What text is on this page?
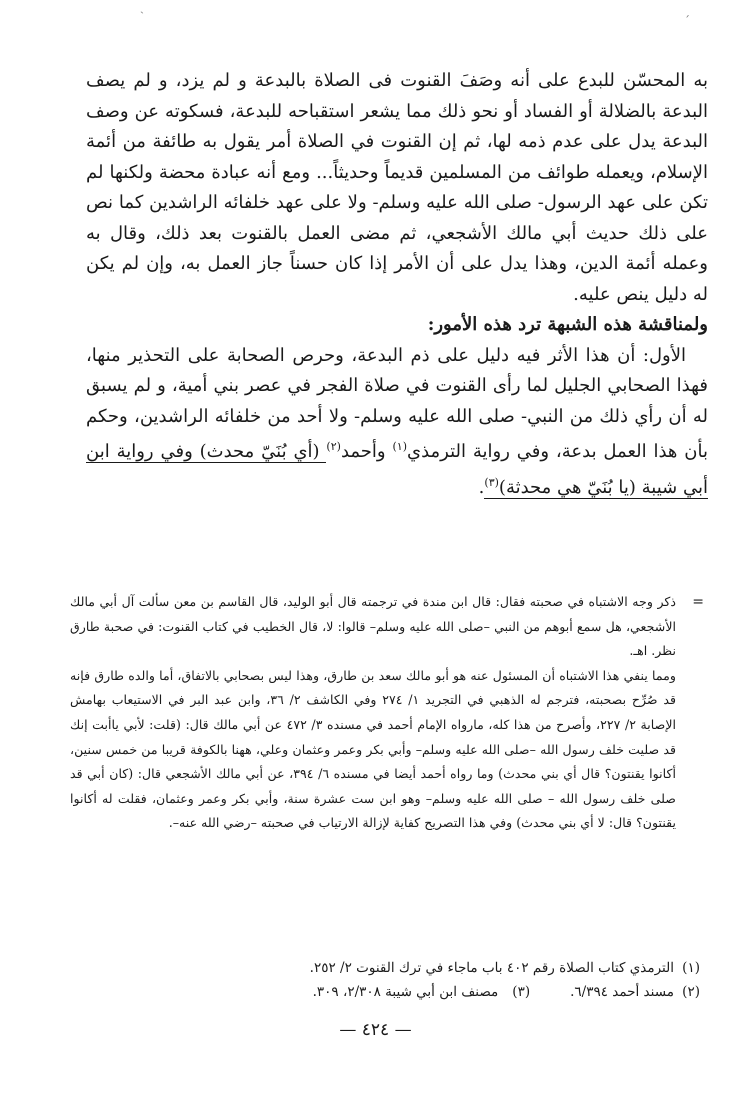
ˏ
ˊ

به المحسّن للبدع على أنه وصَفَ القنوت فى الصلاة بالبدعة و لم يزد، و لم يصف البدعة بالضلالة أو الفساد أو نحو ذلك مما يشعر استقباحه للبدعة، فسكوته عن وصف البدعة يدل على عدم ذمه لها، ثم إن القنوت في الصلاة أمر يقول به طائفة من أئمة الإسلام، ويعمله طوائف من المسلمين قديماً وحديثاً... ومع أنه عبادة محضة ولكنها لم تكن على عهد الرسول- صلى الله عليه وسلم- ولا على عهد خلفائه الراشدين كما نص على ذلك حديث أبي مالك الأشجعي، ثم مضى العمل بالقنوت بعد ذلك، وقال به وعمله أئمة الدين، وهذا يدل على أن الأمر إذا كان حسناً جاز العمل به، وإن لم يكن له دليل ينص عليه.

ولمناقشة هذه الشبهة ترد هذه الأمور:

الأول: أن هذا الأثر فيه دليل على ذم البدعة، وحرص الصحابة على التحذير منها، فهذا الصحابي الجليل لما رأى القنوت في صلاة الفجر في عصر بني أمية، و لم يسبق له أن رأي ذلك من النبي- صلى الله عليه وسلم- ولا أحد من خلفائه الراشدين، وحكم بأن هذا العمل بدعة، وفي رواية الترمذي$^{(١)}$ وأحمد$^{(٢)}$ (أي بُنَيّ محدث) وفي رواية ابن أبي شيبة (يا بُنَيّ هي محدثة)$^{(٣)}$.

=

ذكر وجه الاشتباه في صحبته فقال: قال ابن مندة في ترجمته قال أبو الوليد، قال القاسم بن معن سألت آل أبي مالك الأشجعي، هل سمع أبوهم من النبي –صلى الله عليه وسلم– قالوا: لا، قال الخطيب في كتاب القنوت: في صحبة طارق نظر. اهـ.

ومما ينفي هذا الاشتباه أن المسئول عنه هو أبو مالك سعد بن طارق، وهذا ليس بصحابي بالاتفاق، أما والده طارق فإنه قد صُرِّح بصحبته، فترجم له الذهبي في التجريد ١/ ٢٧٤ وفي الكاشف ٢/ ٣٦، وابن عبد البر في الاستيعاب بهامش الإصابة ٢/ ٢٢٧، وأصرح من هذا كله، مارواه الإمام أحمد في مسنده ٣/ ٤٧٢ عن أبي مالك قال: (قلت: لأبي ياأبت إنك قد صليت خلف رسول الله –صلى الله عليه وسلم– وأبي بكر وعمر وعثمان وعلي، ههنا بالكوفة قريبا من خمس سنين، أكانوا يقنتون؟ قال أي بني محدث) وما رواه أحمد أيضا في مسنده ٦/ ٣٩٤، عن أبي مالك الأشجعي قال: (كان أبي قد صلى خلف رسول الله – صلى الله عليه وسلم– وهو ابن ست عشرة سنة، وأبي بكر وعمر وعثمان، فقلت له أكانوا يقنتون؟ قال: لا أي بني محدث) وفي هذا التصريح كفاية لإزالة الارتياب في صحبته –رضي الله عنه–.

(١)
الترمذي كتاب الصلاة رقم ٤٠٢ باب ماجاء في ترك القنوت ٢/ ٢٥٢.
(٢)
مسند أحمد ٦/٣٩٤.
(٣)
مصنف ابن أبي شيبة ٢/٣٠٨، ٣٠٩.
— ٤٢٤ —
